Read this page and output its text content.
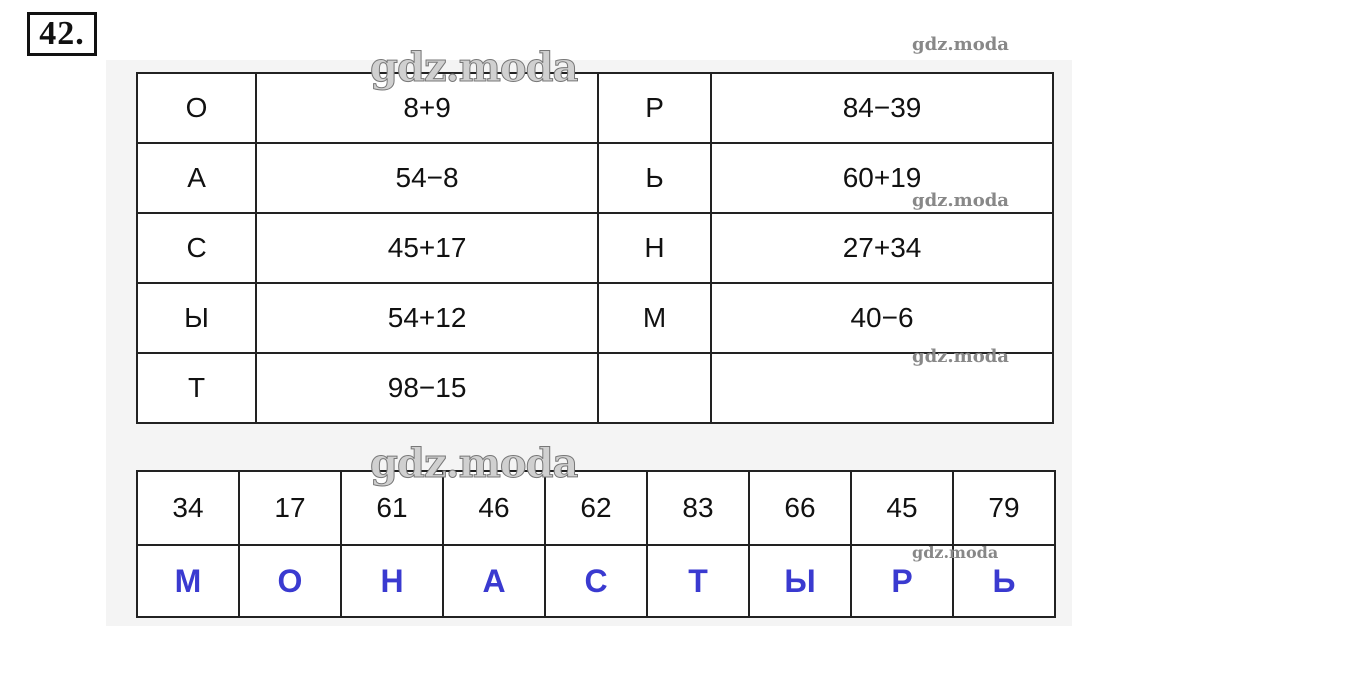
42.
О	8+9	Р	84−39
А	54−8	Ь	60+19
С	45+17	Н	27+34
Ы	54+12	М	40−6
Т	98−15		
34	17	61	46	62	83	66	45	79
М	О	Н	А	С	Т	Ы	Р	Ь
gdz.moda
gdz.moda
gdz.moda
gdz.moda
gdz.moda
gdz.moda
